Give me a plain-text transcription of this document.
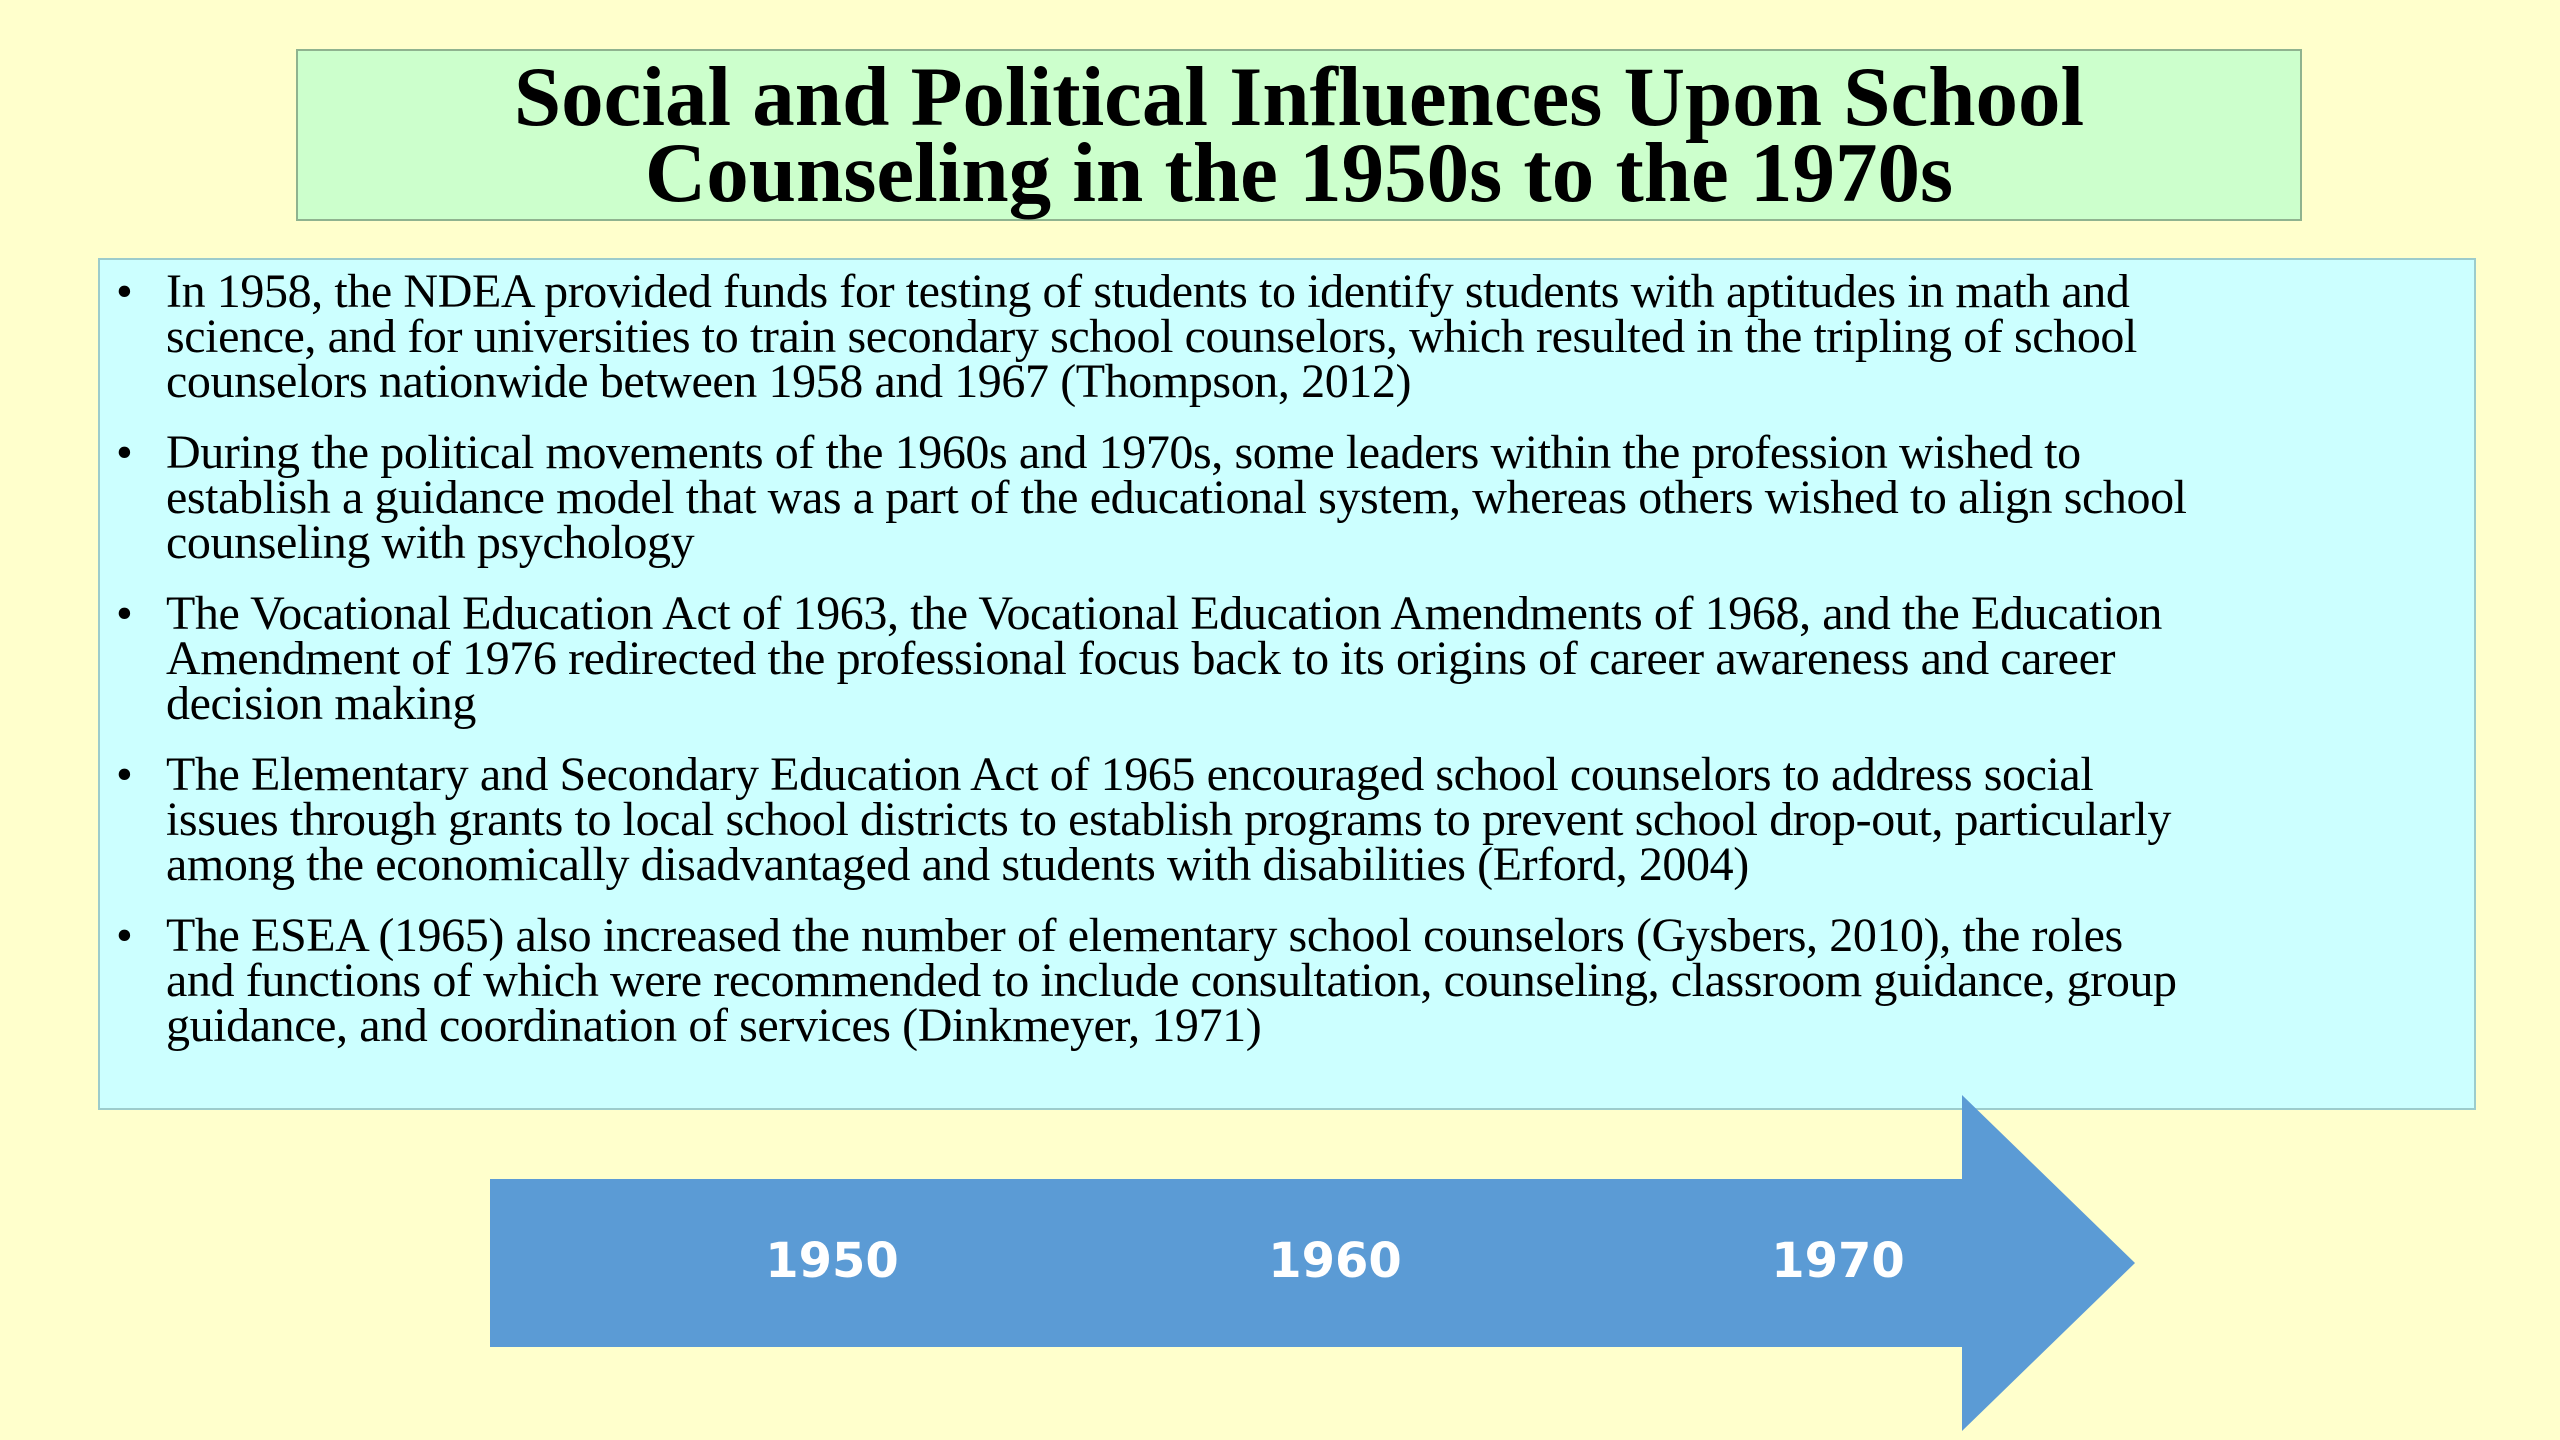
Social and Political Influences Upon School
Counseling in the 1950s to the 1970s
• In 1958, the NDEA provided funds for testing of students to identify students with aptitudes in math and
science, and for universities to train secondary school counselors, which resulted in the tripling of school
counselors nationwide between 1958 and 1967 (Thompson, 2012)
• During the political movements of the 1960s and 1970s, some leaders within the profession wished to
establish a guidance model that was a part of the educational system, whereas others wished to align school
counseling with psychology
• The Vocational Education Act of 1963, the Vocational Education Amendments of 1968, and the Education
Amendment of 1976 redirected the professional focus back to its origins of career awareness and career
decision making
• The Elementary and Secondary Education Act of 1965 encouraged school counselors to address social
issues through grants to local school districts to establish programs to prevent school drop-out, particularly
among the economically disadvantaged and students with disabilities (Erford, 2004)
• The ESEA (1965) also increased the number of elementary school counselors (Gysbers, 2010), the roles
and functions of which were recommended to include consultation, counseling, classroom guidance, group
guidance, and coordination of services (Dinkmeyer, 1971)
1950	1960	1970
